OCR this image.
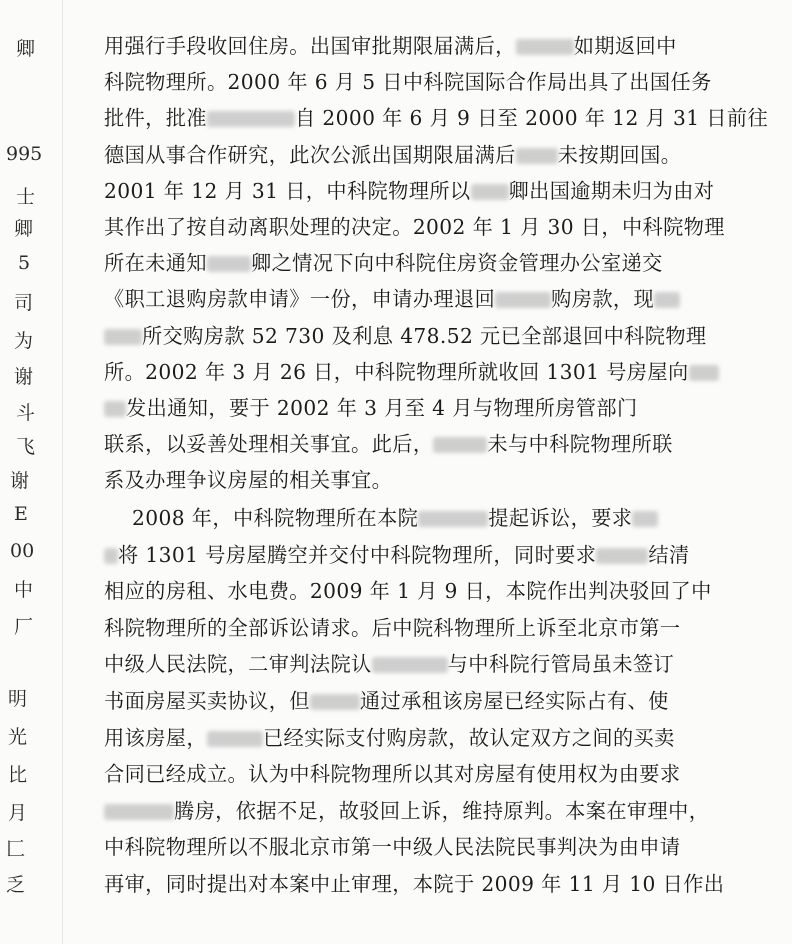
卿
995
士
卿
5
司
为
谢
斗
飞
谢
E
00
中
厂
明
光
比
月
匚
乏
用强行手段收回住房。出国审批期限届满后，	如期返回中
科院物理所。2000 年 6 月 5 日中科院国际合作局出具了出国任务
批件，批准	自 2000 年 6 月 9 日至 2000 年 12 月 31 日前往
德国从事合作研究，此次公派出国期限届满后 未按期回国。
2001 年 12 月 31 日，中科院物理所以 卿出国逾期未归为由对
其作出了按自动离职处理的决定。2002 年 1 月 30 日，中科院物理
所在未通知 卿之情况下向中科院住房资金管理办公室递交
《职工退购房款申请》一份，申请办理退回	购房款，现
所交购房款 52 730 及利息 478.52 元已全部退回中科院物理
所。2002 年 3 月 26 日，中科院物理所就收回 1301 号房屋向
发出通知，要于 2002 年 3 月至 4 月与物理所房管部门
联系，以妥善处理相关事宜。此后，	未与中科院物理所联
系及办理争议房屋的相关事宜。
2008 年，中科院物理所在本院	提起诉讼，要求
将 1301 号房屋腾空并交付中科院物理所，同时要求	结清
相应的房租、水电费。2009 年 1 月 9 日，本院作出判决驳回了中
科院物理所的全部诉讼请求。后中院科物理所上诉至北京市第一
中级人民法院，二审判法院认	与中科院行管局虽未签订
书面房屋买卖协议，但 通过承租该房屋已经实际占有、使
用该房屋，	已经实际支付购房款，故认定双方之间的买卖
合同已经成立。认为中科院物理所以其对房屋有使用权为由要求
腾房，依据不足，故驳回上诉，维持原判。本案在审理中，
中科院物理所以不服北京市第一中级人民法院民事判决为由申请
再审，同时提出对本案中止审理，本院于 2009 年 11 月 10 日作出
